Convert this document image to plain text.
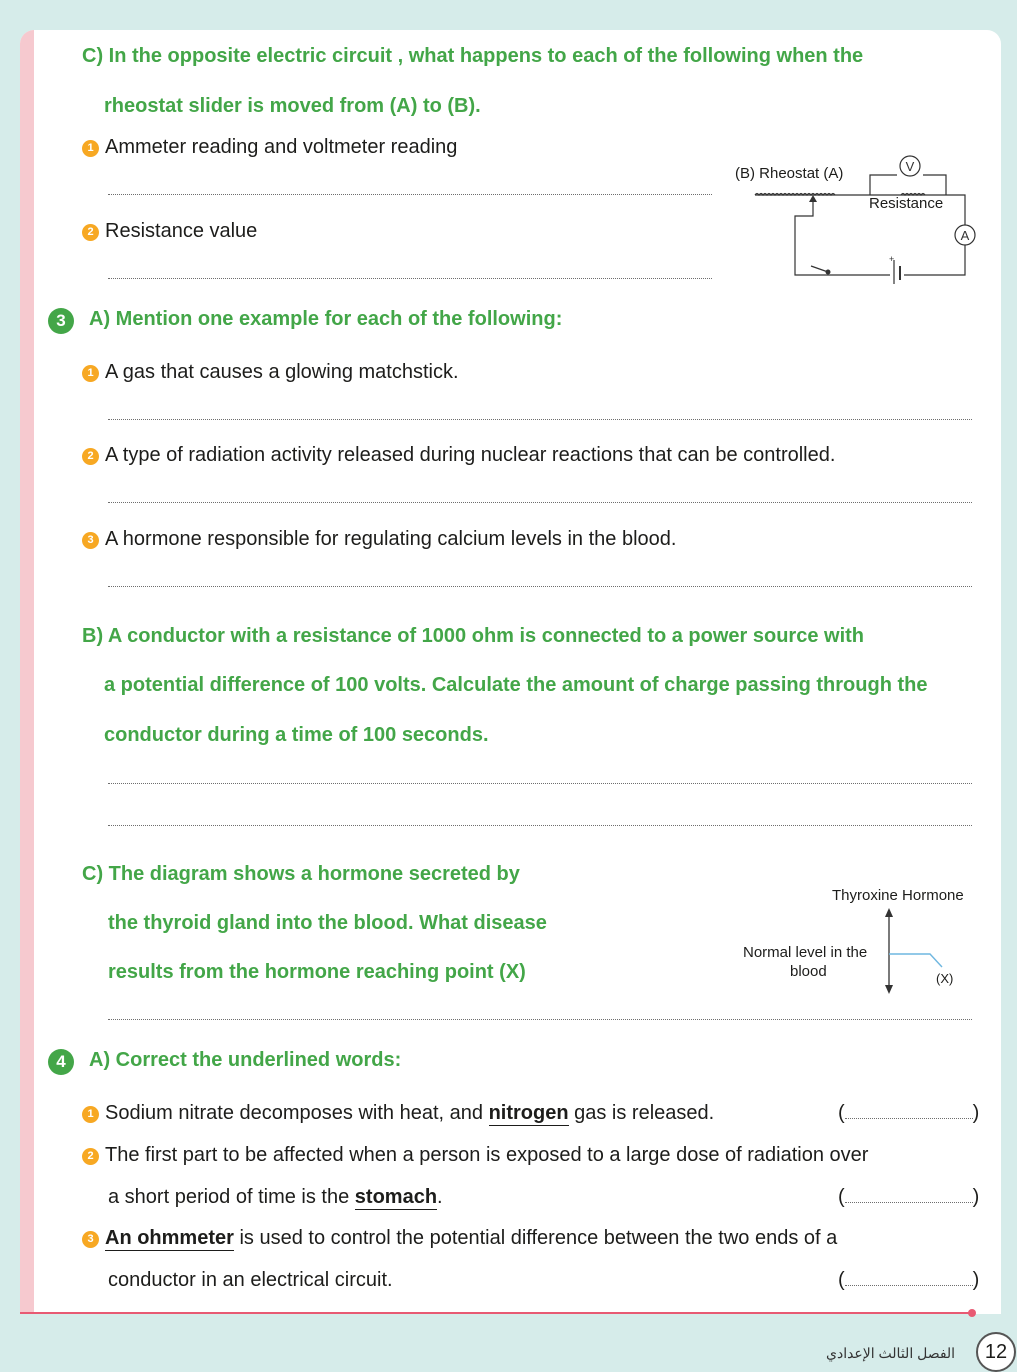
C) In the opposite electric circuit , what happens to each of the following when the
rheostat slider is moved from (A) to (B).
1 Ammeter reading and voltmeter reading
2 Resistance value
V
A
+
(B) Rheostat (A)
Resistance
3	A) Mention one example for each of the following:
1 A gas that causes a glowing matchstick.
2 A type of radiation activity released during nuclear reactions that can be controlled.
3 A hormone responsible for regulating calcium levels in the blood.
B) A conductor with a resistance of 1000 ohm is connected to a power source with
a potential difference of 100 volts. Calculate the amount of charge passing through the
conductor during a time of 100 seconds.
C) The diagram shows a hormone secreted by
the thyroid gland into the blood. What disease
results from the hormone reaching point (X)
Thyroxine Hormone
Normal level in the
blood	(X)
4	A) Correct the underlined words:
1 Sodium nitrate decomposes with heat, and nitrogen gas is released.	(	)
2 The first part to be affected when a person is exposed to a large dose of radiation over
a short period of time is the stomach.	(	)
3 An ohmmeter is used to control the potential difference between the two ends of a
conductor in an electrical circuit.	(	)
الفصل الثالث الإعدادي	12
